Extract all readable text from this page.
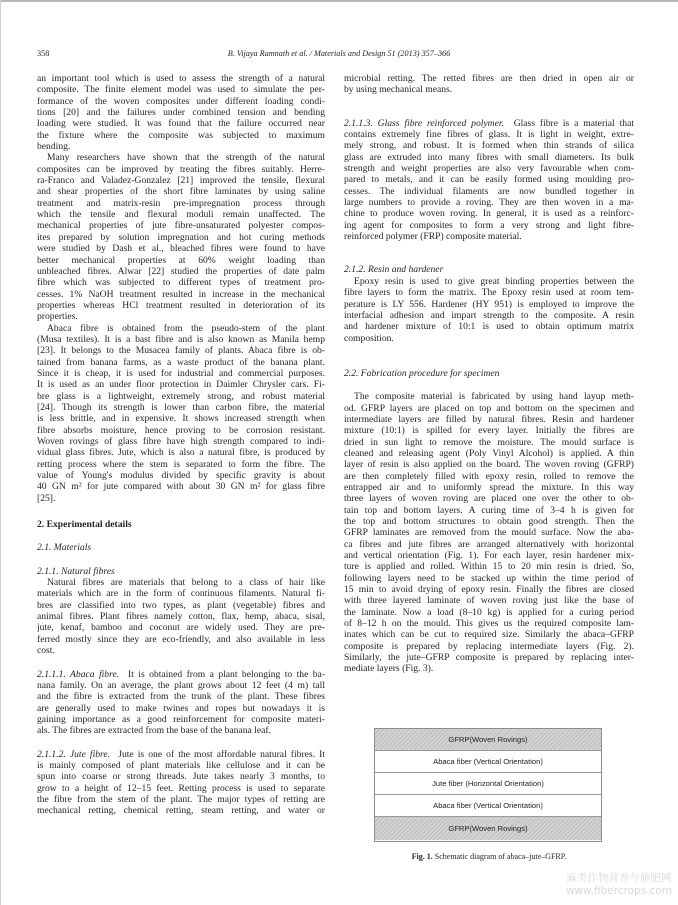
358	B. Vijaya Ramnath et al. / Materials and Design 51 (2013) 357–366
an important tool which is used to assess the strength of a natural
composite. The finite element model was used to simulate the per-
formance of the woven composites under different loading condi-
tions [20] and the failures under combined tension and bending
loading were studied. It was found that the failure occurred near
the fixture where the composite was subjected to maximum
bending.
Many researchers have shown that the strength of the natural
composites can be improved by treating the fibres suitably. Herre-
ra-Franco and Valadez-Gonzalez [21] improved the tensile, flexural
and shear properties of the short fibre laminates by using saline
treatment and matrix-resin pre-impregnation process through
which the tensile and flexural moduli remain unaffected. The
mechanical properties of jute fibre-unsaturated polyester compos-
ites prepared by solution impregnation and hot curing methods
were studied by Dash et al., bleached fibres were found to have
better mechanical properties at 60% weight loading than
unbleached fibres. Alwar [22] studied the properties of date palm
fibre which was subjected to different types of treatment pro-
cesses. 1% NaOH treatment resulted in increase in the mechanical
properties whereas HCl treatment resulted in deterioration of its
properties.
Abaca fibre is obtained from the pseudo-stem of the plant
(Musa textiles). It is a bast fibre and is also known as Manila hemp
[23]. It belongs to the Musacea family of plants. Abaca fibre is ob-
tained from banana farms, as a waste product of the banana plant.
Since it is cheap, it is used for industrial and commercial purposes.
It is used as an under floor protection in Daimler Chrysler cars. Fi-
bre glass is a lightweight, extremely strong, and robust material
[24]. Though its strength is lower than carbon fibre, the material
is less brittle, and in expensive. It shows increased strength when
fibre absorbs moisture, hence proving to be corrosion resistant.
Woven rovings of glass fibre have high strength compared to indi-
vidual glass fibres. Jute, which is also a natural fibre, is produced by
retting process where the stem is separated to form the fibre. The
value of Young's modulus divided by specific gravity is about
40 GN m² for jute compared with about 30 GN m² for glass fibre
[25].
2. Experimental details
2.1. Materials
2.1.1. Natural fibres
Natural fibres are materials that belong to a class of hair like
materials which are in the form of continuous filaments. Natural fi-
bres are classified into two types, as plant (vegetable) fibres and
animal fibres. Plant fibres namely cotton, flax, hemp, abaca, sisal,
jute, kenaf, bamboo and coconut are widely used. They are pre-
ferred mostly since they are eco-friendly, and also available in less
cost.
2.1.1.1. Abaca fibre. It is obtained from a plant belonging to the ba-
nana family. On an average, the plant grows about 12 feet (4 m) tall
and the fibre is extracted from the trunk of the plant. These fibres
are generally used to make twines and ropes but nowadays it is
gaining importance as a good reinforcement for composite materi-
als. The fibres are extracted from the base of the banana leaf.
2.1.1.2. Jute fibre. Jute is one of the most affordable natural fibres. It
is mainly composed of plant materials like cellulose and it can be
spun into coarse or strong threads. Jute takes nearly 3 months, to
grow to a height of 12–15 feet. Retting process is used to separate
the fibre from the stem of the plant. The major types of retting are
mechanical retting, chemical retting, steam retting, and water or
microbial retting. The retted fibres are then dried in open air or
by using mechanical means.
2.1.1.3. Glass fibre reinforced polymer. Glass fibre is a material that
contains extremely fine fibres of glass. It is light in weight, extre-
mely strong, and robust. It is formed when thin strands of silica
glass are extruded into many fibres with small diameters. Its bulk
strength and weight properties are also very favourable when com-
pared to metals, and it can be easily formed using moulding pro-
cesses. The individual filaments are now bundled together in
large numbers to provide a roving. They are then woven in a ma-
chine to produce woven roving. In general, it is used as a reinforc-
ing agent for composites to form a very strong and light fibre-
reinforced polymer (FRP) composite material.
2.1.2. Resin and hardener
Epoxy resin is used to give great binding properties between the
fibre layers to form the matrix. The Epoxy resin used at room tem-
perature is LY 556. Hardener (HY 951) is employed to improve the
interfacial adhesion and impart strength to the composite. A resin
and hardener mixture of 10:1 is used to obtain optimum matrix
composition.
2.2. Fabrication procedure for specimen
The composite material is fabricated by using hand layup meth-
od. GFRP layers are placed on top and bottom on the specimen and
intermediate layers are filled by natural fibres. Resin and hardener
mixture (10:1) is spilled for every layer. Initially the fibres are
dried in sun light to remove the moisture. The mould surface is
cleaned and releasing agent (Poly Vinyl Alcohol) is applied. A thin
layer of resin is also applied on the board. The woven roving (GFRP)
are then completely filled with epoxy resin, rolled to remove the
entrapped air and to uniformly spread the mixture. In this way
three layers of woven roving are placed one over the other to ob-
tain top and bottom layers. A curing time of 3–4 h is given for
the top and bottom structures to obtain good strength. Then the
GFRP laminates are removed from the mould surface. Now the aba-
ca fibres and jute fibres are arranged alternatively with horizontal
and vertical orientation (Fig. 1). For each layer, resin hardener mix-
ture is applied and rolled. Within 15 to 20 min resin is dried. So,
following layers need to be stacked up within the time period of
15 min to avoid drying of epoxy resin. Finally the fibres are closed
with three layered laminate of woven roving just like the base of
the laminate. Now a load (8–10 kg) is applied for a curing period
of 8–12 h on the mould. This gives us the required composite lam-
inates which can be cut to required size. Similarly the abaca–GFRP
composite is prepared by replacing intermediate layers (Fig. 2).
Similarly, the jute–GFRP composite is prepared by replacing inter-
mediate layers (Fig. 3).
GFRP(Woven Rovings)
Abaca fiber (Vertical Orientation)
Jute fiber (Horizontal Orientation)
Abaca fiber (Vertical Orientation)
GFRP(Woven Rovings)
Fig. 1. Schematic diagram of abaca–jute–GFRP.
麻类作物营养与施肥网
www.fibercrops.com
